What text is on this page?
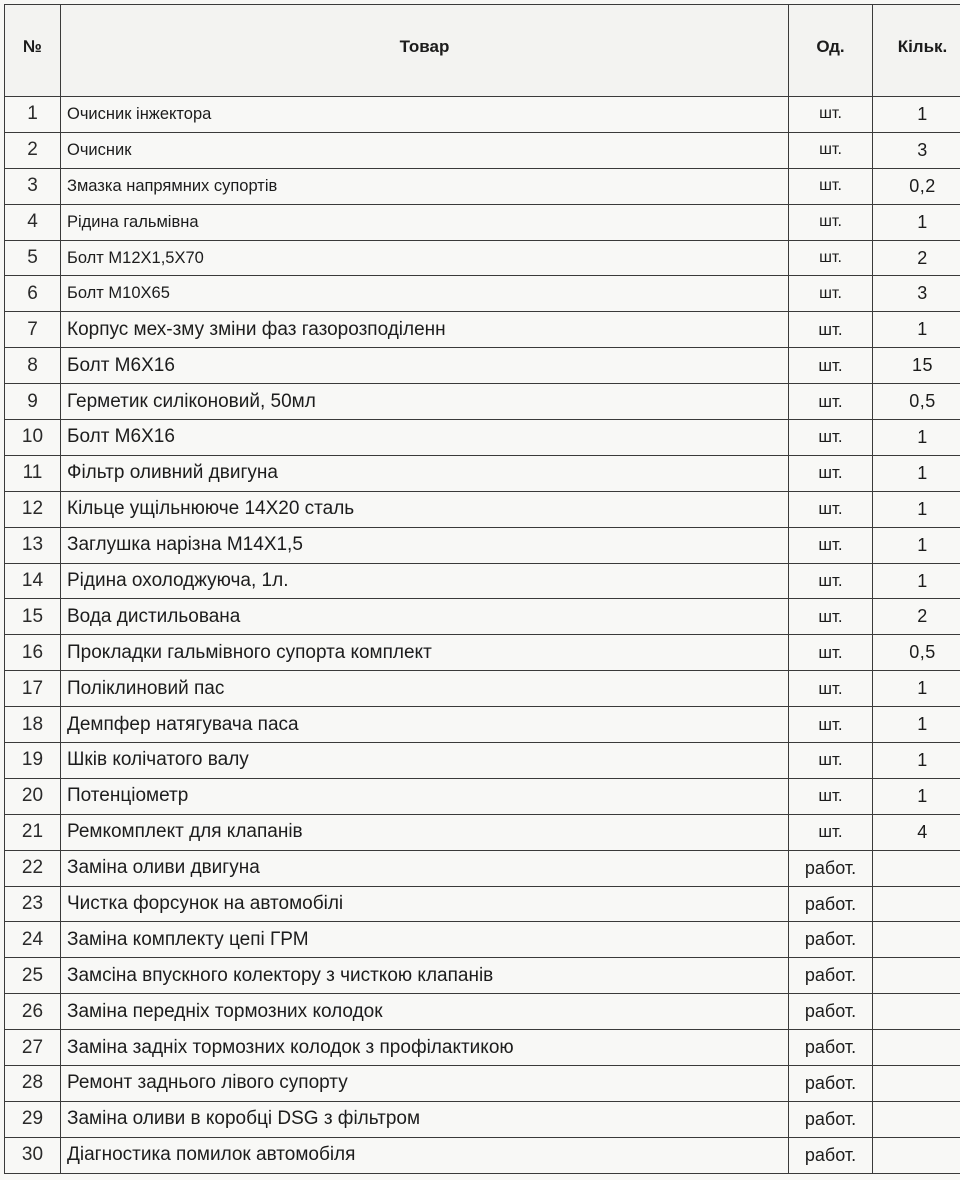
№	Товар	Од.	Кільк.
1	Очисник інжектора	шт.	1
2	Очисник	шт.	3
3	Змазка напрямних супортів	шт.	0,2
4	Рідина гальмівна	шт.	1
5	Болт М12Х1,5Х70	шт.	2
6	Болт М10Х65	шт.	3
7	Корпус мех-зму зміни фаз газорозподіленн	шт.	1
8	Болт М6Х16	шт.	15
9	Герметик силіконовий, 50мл	шт.	0,5
10	Болт М6Х16	шт.	1
11	Фільтр оливний двигуна	шт.	1
12	Кільце ущільнююче 14Х20 сталь	шт.	1
13	Заглушка нарізна М14Х1,5	шт.	1
14	Рідина охолоджуюча, 1л.	шт.	1
15	Вода дистильована	шт.	2
16	Прокладки гальмівного супорта комплект	шт.	0,5
17	Поліклиновий пас	шт.	1
18	Демпфер натягувача паса	шт.	1
19	Шків колічатого валу	шт.	1
20	Потенціометр	шт.	1
21	Ремкомплект для клапанів	шт.	4
22	Заміна оливи двигуна	работ.	
23	Чистка форсунок на автомобілі	работ.	
24	Заміна комплекту цепі ГРМ	работ.	
25	Замсіна впускного колектору з чисткою клапанів	работ.	
26	Заміна передніх тормозних колодок	работ.	
27	Заміна задніх тормозних колодок з профілактикою	работ.	
28	Ремонт заднього лівого супорту	работ.	
29	Заміна оливи в коробці DSG з фільтром	работ.	
30	Діагностика помилок автомобіля	работ.	
